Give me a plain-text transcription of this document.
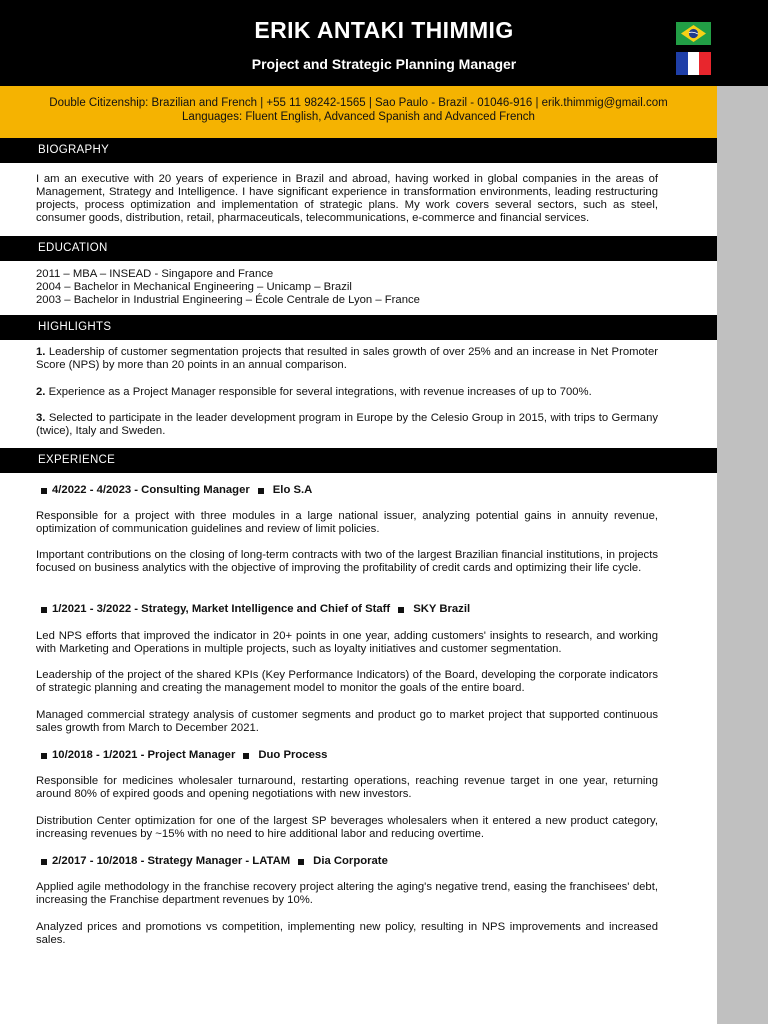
ERIK ANTAKI THIMMIG
Project and Strategic Planning Manager
Double Citizenship: Brazilian and French | +55 11 98242-1565 | Sao Paulo - Brazil - 01046-916 | erik.thimmig@gmail.com
Languages: Fluent English, Advanced Spanish and Advanced French
BIOGRAPHY
I am an executive with 20 years of experience in Brazil and abroad, having worked in global companies in the areas of Management, Strategy and Intelligence. I have significant experience in transformation environments, leading restructuring projects, process optimization and implementation of strategic plans. My work covers several sectors, such as steel, consumer goods, distribution, retail, pharmaceuticals, telecommunications, e-commerce and financial services.
EDUCATION
2011 – MBA – INSEAD - Singapore and France
2004 – Bachelor in Mechanical Engineering – Unicamp – Brazil
2003 – Bachelor in Industrial Engineering – École Centrale de Lyon – France
HIGHLIGHTS
1. Leadership of customer segmentation projects that resulted in sales growth of over 25% and an increase in Net Promoter Score (NPS) by more than 20 points in an annual comparison.
2. Experience as a Project Manager responsible for several integrations, with revenue increases of up to 700%.
3. Selected to participate in the leader development program in Europe by the Celesio Group in 2015, with trips to Germany (twice), Italy and Sweden.
EXPERIENCE
4/2022 - 4/2023 - Consulting Manager Elo S.A
Responsible for a project with three modules in a large national issuer, analyzing potential gains in annuity revenue, optimization of communication guidelines and review of limit policies.
Important contributions on the closing of long-term contracts with two of the largest Brazilian financial institutions, in projects focused on business analytics with the objective of improving the profitability of credit cards and optimizing their life cycle.
1/2021 - 3/2022 - Strategy, Market Intelligence and Chief of Staff SKY Brazil
Led NPS efforts that improved the indicator in 20+ points in one year, adding customers' insights to research, and working with Marketing and Operations in multiple projects, such as loyalty initiatives and customer segmentation.
Leadership of the project of the shared KPIs (Key Performance Indicators) of the Board, developing the corporate indicators of strategic planning and creating the management model to monitor the goals of the entire board.
Managed commercial strategy analysis of customer segments and product go to market project that supported continuous sales growth from March to December 2021.
10/2018 - 1/2021 - Project Manager Duo Process
Responsible for medicines wholesaler turnaround, restarting operations, reaching revenue target in one year, returning around 80% of expired goods and opening negotiations with new investors.
Distribution Center optimization for one of the largest SP beverages wholesalers when it entered a new product category, increasing revenues by ~15% with no need to hire additional labor and reducing overtime.
2/2017 - 10/2018 - Strategy Manager - LATAM Dia Corporate
Applied agile methodology in the franchise recovery project altering the aging's negative trend, easing the franchisees' debt, increasing the Franchise department revenues by 10%.
Analyzed prices and promotions vs competition, implementing new policy, resulting in NPS improvements and increased sales.
